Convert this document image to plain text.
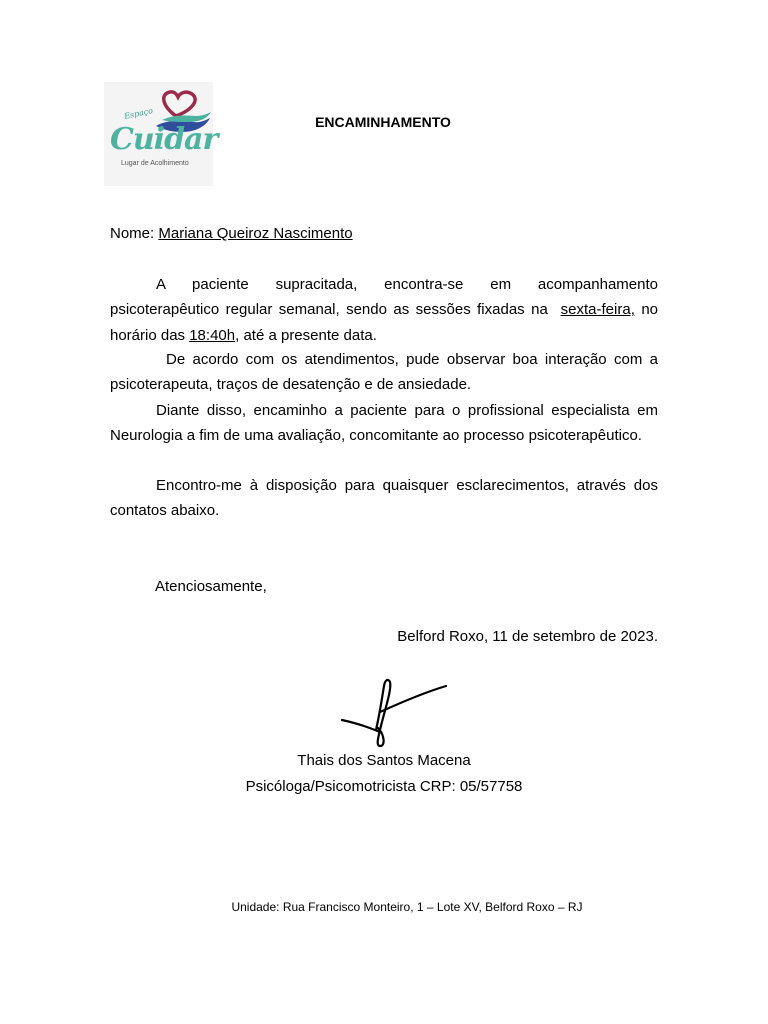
Espaço
Cuidar
Lugar de Acolhimento
ENCAMINHAMENTO
Nome: Mariana Queiroz Nascimento
A paciente supracitada, encontra-se em acompanhamento
psicoterapêutico regular semanal, sendo as sessões fixadas na sexta-feira, no
horário das 18:40h, até a presente data.
De acordo com os atendimentos, pude observar boa interação com a psicoterapeuta, traços de desatenção e de ansiedade.
Diante disso, encaminho a paciente para o profissional especialista em Neurologia a fim de uma avaliação, concomitante ao processo psicoterapêutico.
Encontro-me à disposição para quaisquer esclarecimentos, através dos contatos abaixo.
Atenciosamente,
Belford Roxo, 11 de setembro de 2023.
Thais dos Santos Macena
Psicóloga/Psicomotricista CRP: 05/57758
Unidade: Rua Francisco Monteiro, 1 – Lote XV, Belford Roxo – RJ
